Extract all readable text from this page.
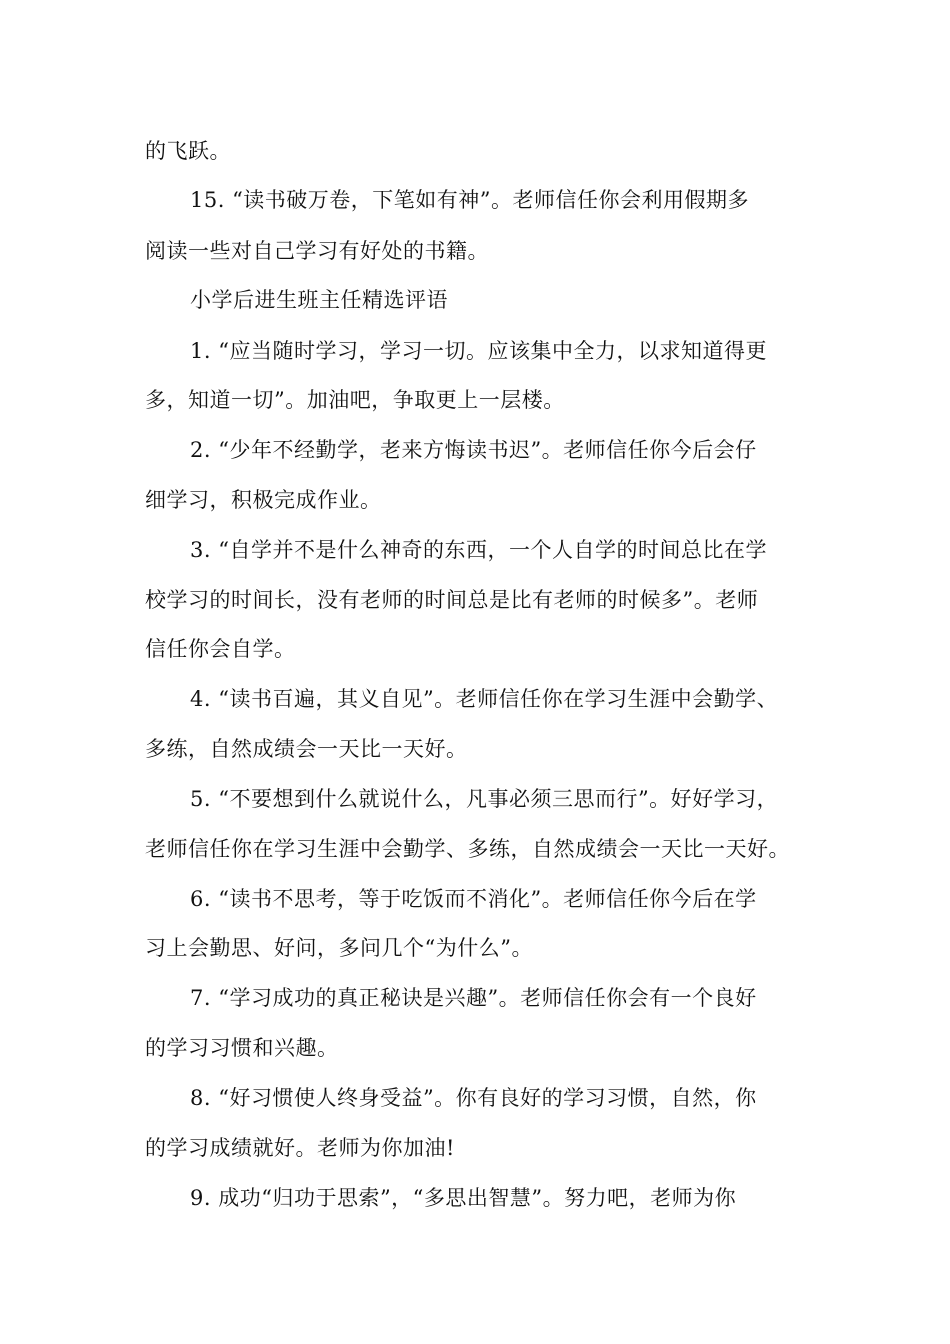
的飞跃。
15. “读书破万卷，下笔如有神”。老师信任你会利用假期多
阅读一些对自己学习有好处的书籍。
小学后进生班主任精选评语
1. “应当随时学习，学习一切。应该集中全力，以求知道得更
多，知道一切”。加油吧，争取更上一层楼。
2. “少年不经勤学，老来方悔读书迟”。老师信任你今后会仔
细学习，积极完成作业。
3. “自学并不是什么神奇的东西，一个人自学的时间总比在学
校学习的时间长，没有老师的时间总是比有老师的时候多”。老师
信任你会自学。
4. “读书百遍，其义自见”。老师信任你在学习生涯中会勤学、
多练，自然成绩会一天比一天好。
5. “不要想到什么就说什么，凡事必须三思而行”。好好学习，
老师信任你在学习生涯中会勤学、多练，自然成绩会一天比一天好。
6. “读书不思考，等于吃饭而不消化”。老师信任你今后在学
习上会勤思、好问，多问几个“为什么”。
7. “学习成功的真正秘诀是兴趣”。老师信任你会有一个良好
的学习习惯和兴趣。
8. “好习惯使人终身受益”。你有良好的学习习惯，自然，你
的学习成绩就好。老师为你加油!
9. 成功“归功于思索”，“多思出智慧”。努力吧，老师为你
